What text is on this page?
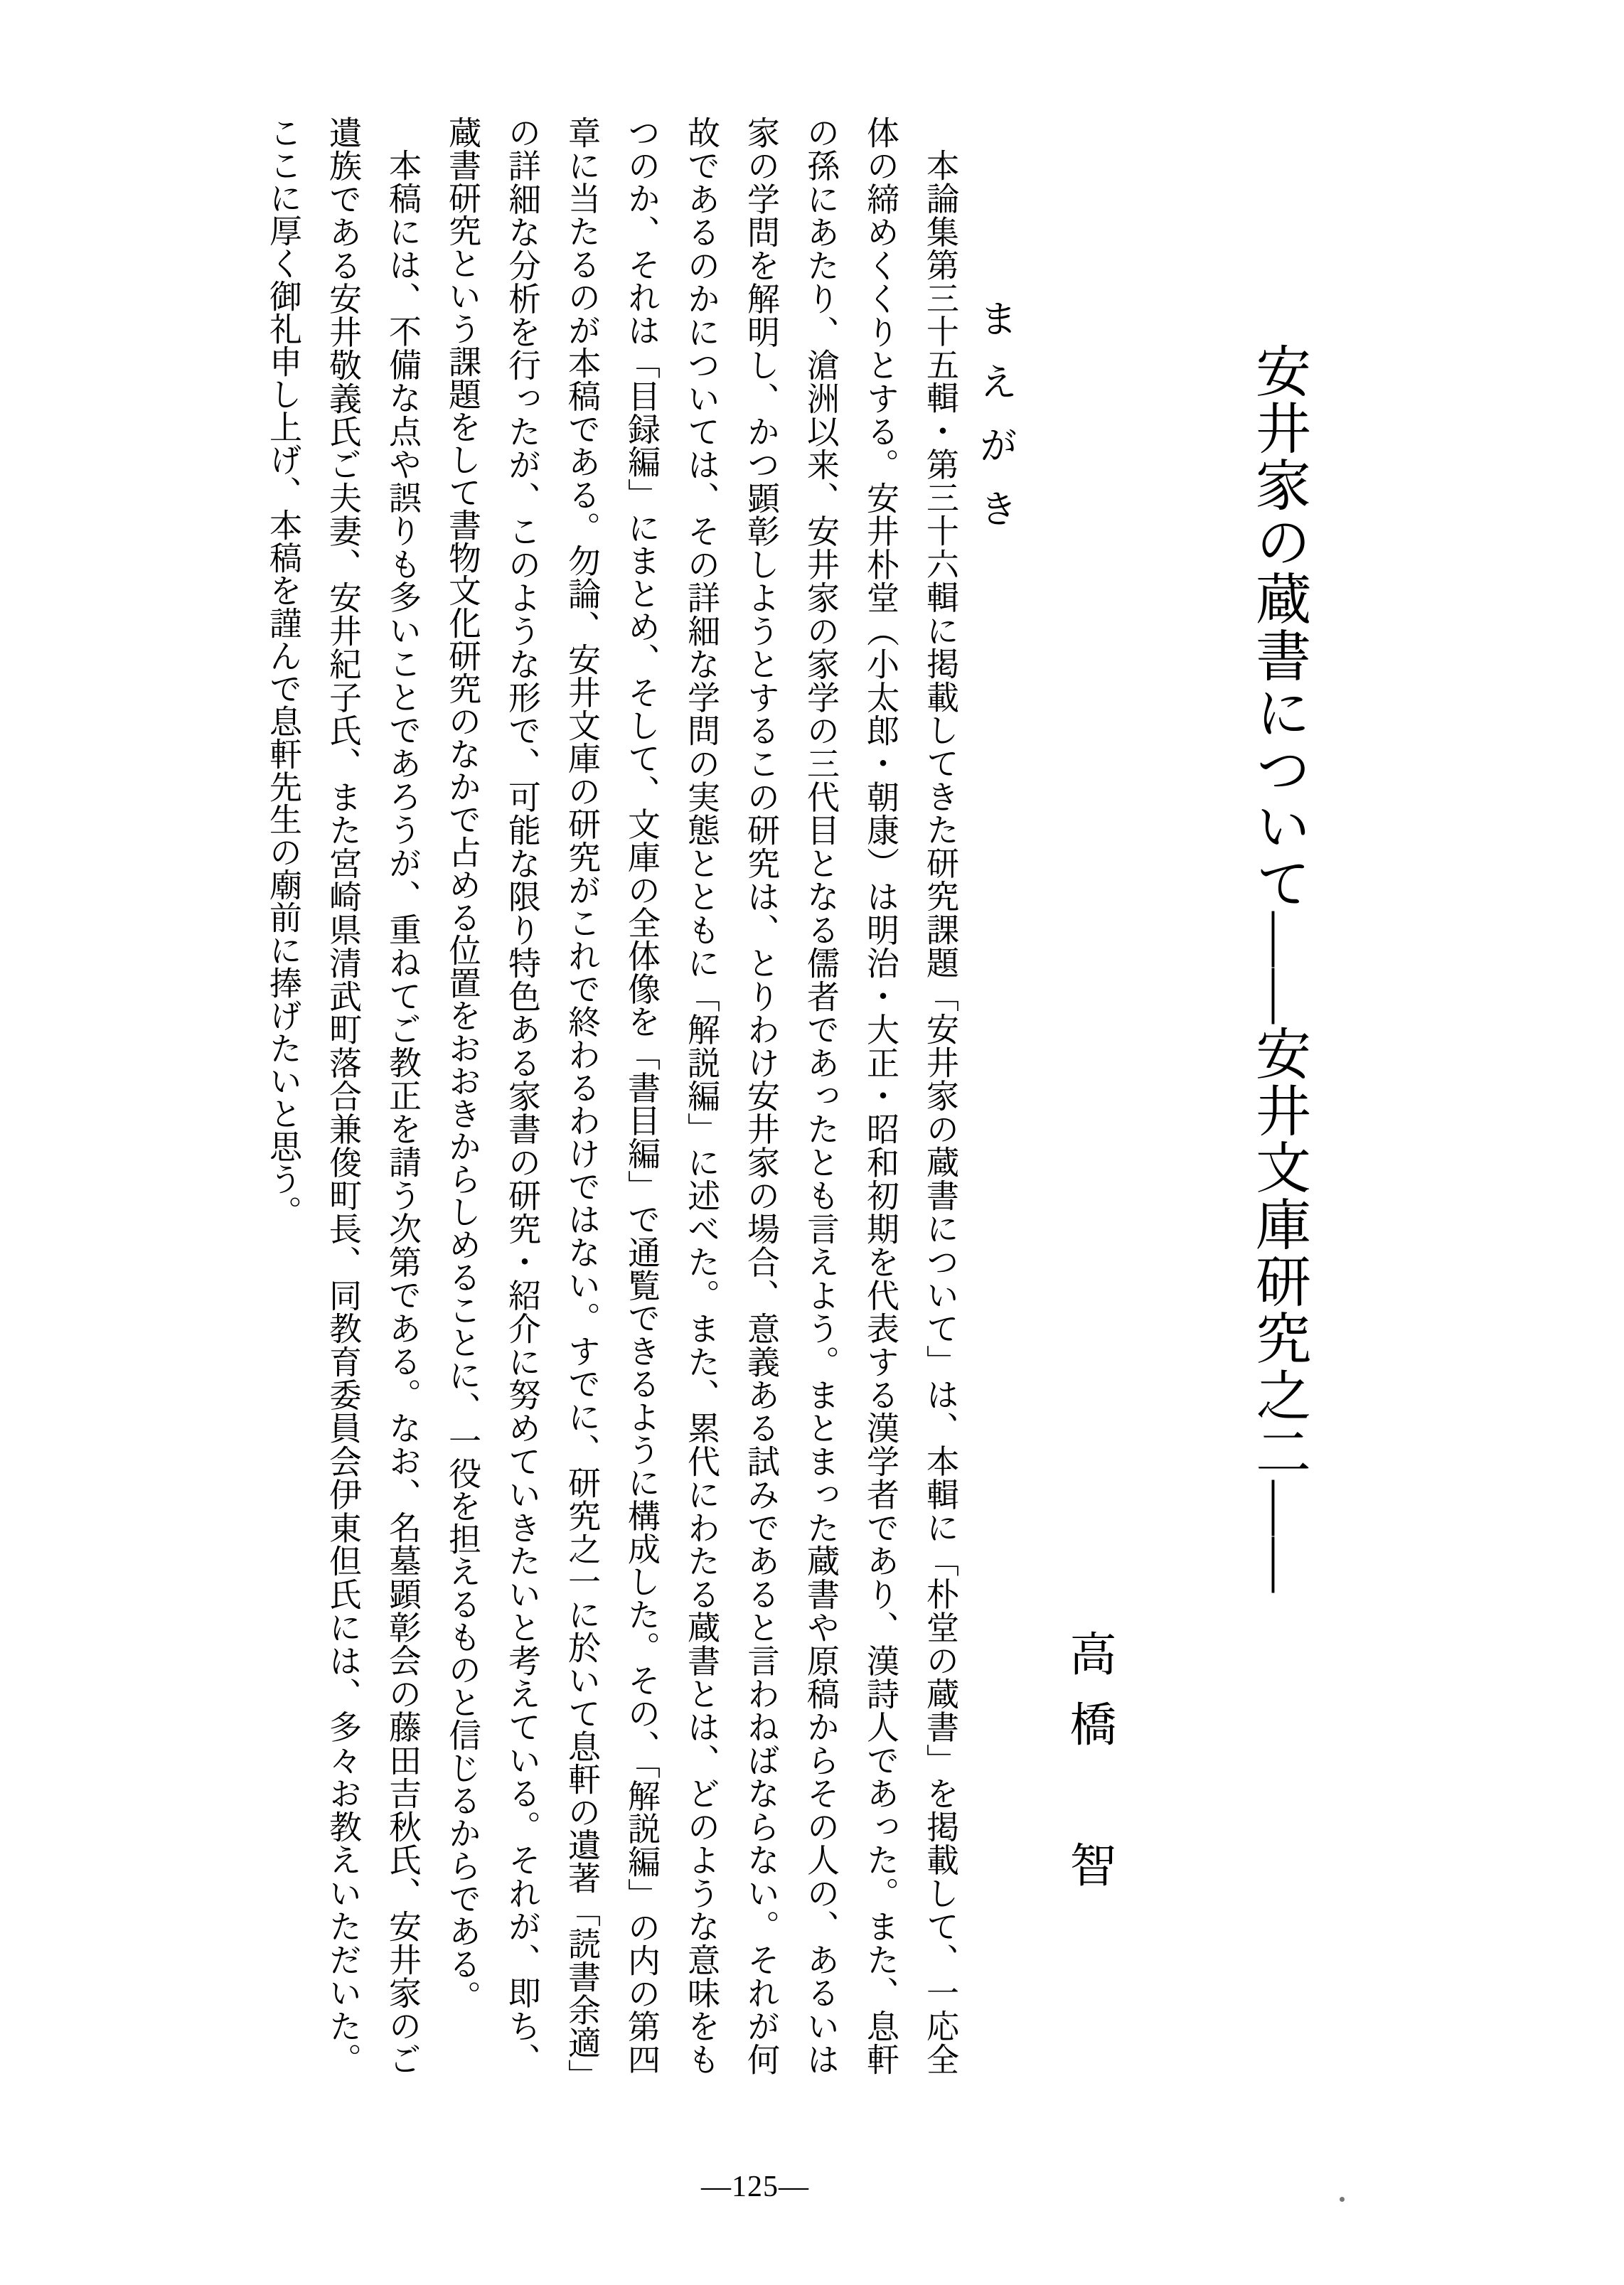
安井家の蔵書について――安井文庫研究之二――
高橋　智
まえがき

本論集第三十五輯・第三十六輯に掲載してきた研究課題「安井家の蔵書について」は、本輯に「朴堂の蔵書」を掲載して、一応全体の締めくくりとする。安井朴堂（小太郎・朝康）は明治・大正・昭和初期を代表する漢学者であり、漢詩人であった。また、息軒の孫にあたり、滄洲以来、安井家の家学の三代目となる儒者であったとも言えよう。まとまった蔵書や原稿からその人の、あるいは家の学問を解明し、かつ顕彰しようとするこの研究は、とりわけ安井家の場合、意義ある試みであると言わねばならない。それが何故であるのかについては、その詳細な学問の実態とともに「解説編」に述べた。また、累代にわたる蔵書とは、どのような意味をもつのか、それは「目録編」にまとめ、そして、文庫の全体像を「書目編」で通覧できるように構成した。その、「解説編」の内の第四章に当たるのが本稿である。勿論、安井文庫の研究がこれで終わるわけではない。すでに、研究之一に於いて息軒の遺著「読書余適」の詳細な分析を行ったが、このような形で、可能な限り特色ある家書の研究・紹介に努めていきたいと考えている。それが、即ち、蔵書研究という課題をして書物文化研究のなかで占める位置をおおきからしめることに、一役を担えるものと信じるからである。

本稿には、不備な点や誤りも多いことであろうが、重ねてご教正を請う次第である。なお、名墓顕彰会の藤田吉秋氏、安井家のご遺族である安井敬義氏ご夫妻、安井紀子氏、また宮崎県清武町落合兼俊町長、同教育委員会伊東但氏には、多々お教えいただいた。ここに厚く御礼申し上げ、本稿を謹んで息軒先生の廟前に捧げたいと思う。

―125―
